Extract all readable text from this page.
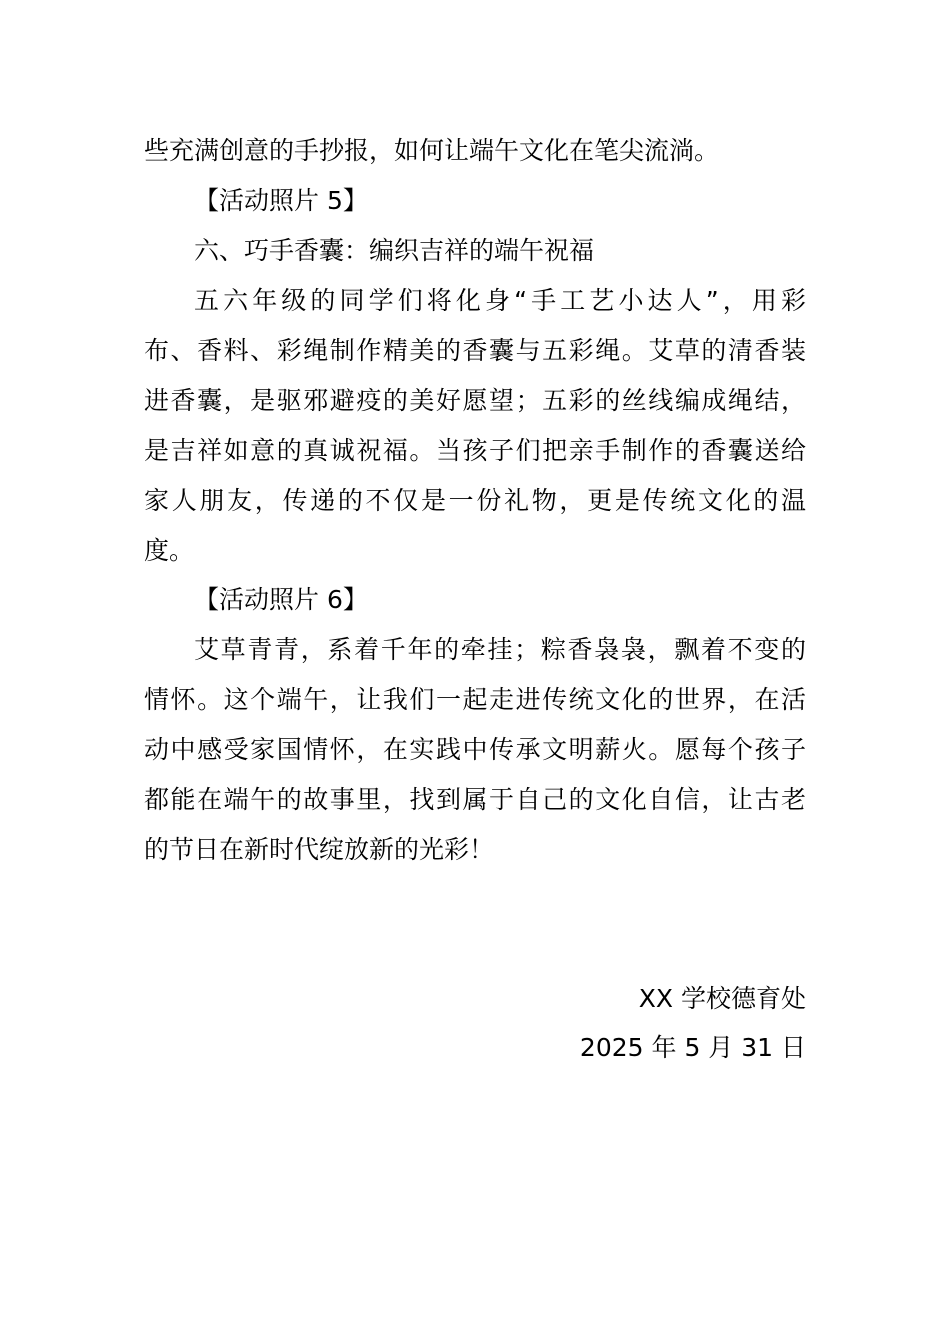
些充满创意的手抄报，如何让端午文化在笔尖流淌。
【活动照片 5】
六、巧手香囊：编织吉祥的端午祝福
五六年级的同学们将化身“手工艺小达人”，用彩
布、香料、彩绳制作精美的香囊与五彩绳。艾草的清香装
进香囊，是驱邪避疫的美好愿望；五彩的丝线编成绳结，
是吉祥如意的真诚祝福。当孩子们把亲手制作的香囊送给
家人朋友，传递的不仅是一份礼物，更是传统文化的温
度。
【活动照片 6】
艾草青青，系着千年的牵挂；粽香袅袅，飘着不变的
情怀。这个端午，让我们一起走进传统文化的世界，在活
动中感受家国情怀，在实践中传承文明薪火。愿每个孩子
都能在端午的故事里，找到属于自己的文化自信，让古老
的节日在新时代绽放新的光彩！
XX 学校德育处
2025 年 5 月 31 日
